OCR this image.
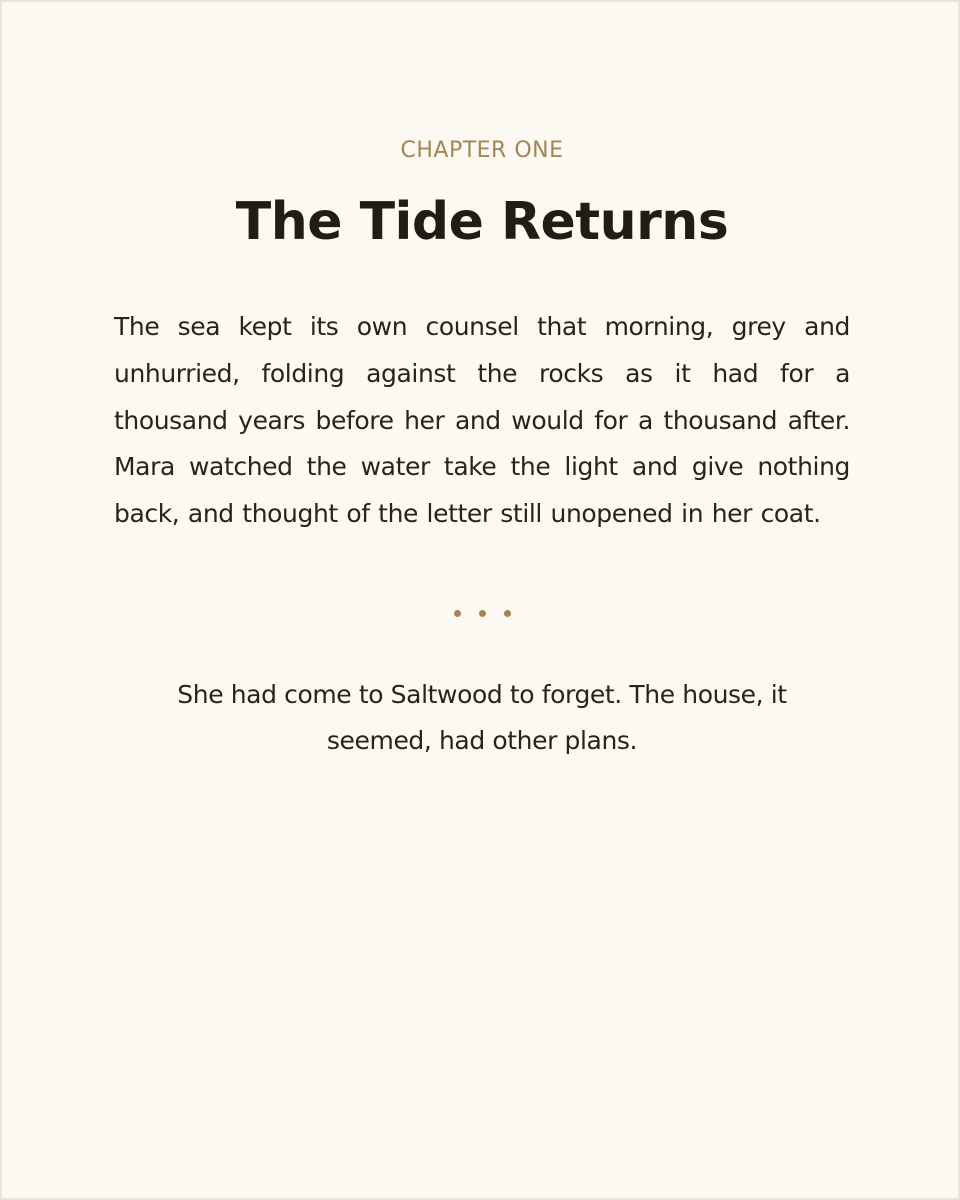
CHAPTER ONE

The Tide Returns

The sea kept its own counsel that morning, grey and unhurried, folding against the rocks as it had for a thousand years before her and would for a thousand after. Mara watched the water take the light and give nothing back, and thought of the letter still unopened in her coat.

She had come to Saltwood to forget. The house, it seemed, had other plans.
